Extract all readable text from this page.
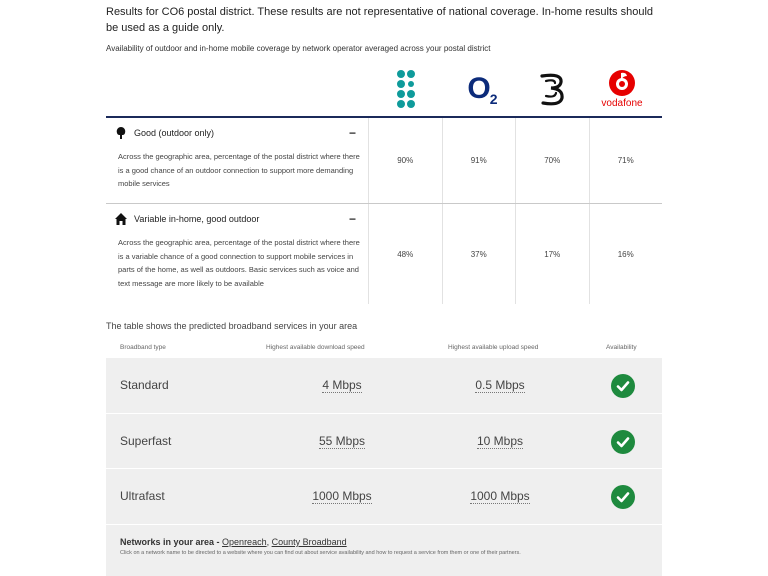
Results for CO6 postal district. These results are not representative of national coverage. In-home results should be used as a guide only.
Availability of outdoor and in-home mobile coverage by network operator averaged across your postal district
$O_2$	vodafone
Good (outdoor only)	−
Across the geographic area, percentage of the postal district where there is a good chance of an outdoor connection to support more demanding mobile services
90%	91%	70%	71%
Variable in-home, good outdoor	−
Across the geographic area, percentage of the postal district where there is a variable chance of a good connection to support mobile services in parts of the home, as well as outdoors. Basic services such as voice and text message are more likely to be available
48%	37%	17%	16%
The table shows the predicted broadband services in your area
Broadband type	Highest available download speed	Highest available upload speed	Availability
Standard	4 Mbps	0.5 Mbps
Superfast	55 Mbps	10 Mbps
Ultrafast	1000 Mbps	1000 Mbps
Networks in your area - Openreach, County Broadband
Click on a network name to be directed to a website where you can find out about service availability and how to request a service from them or one of their partners.
